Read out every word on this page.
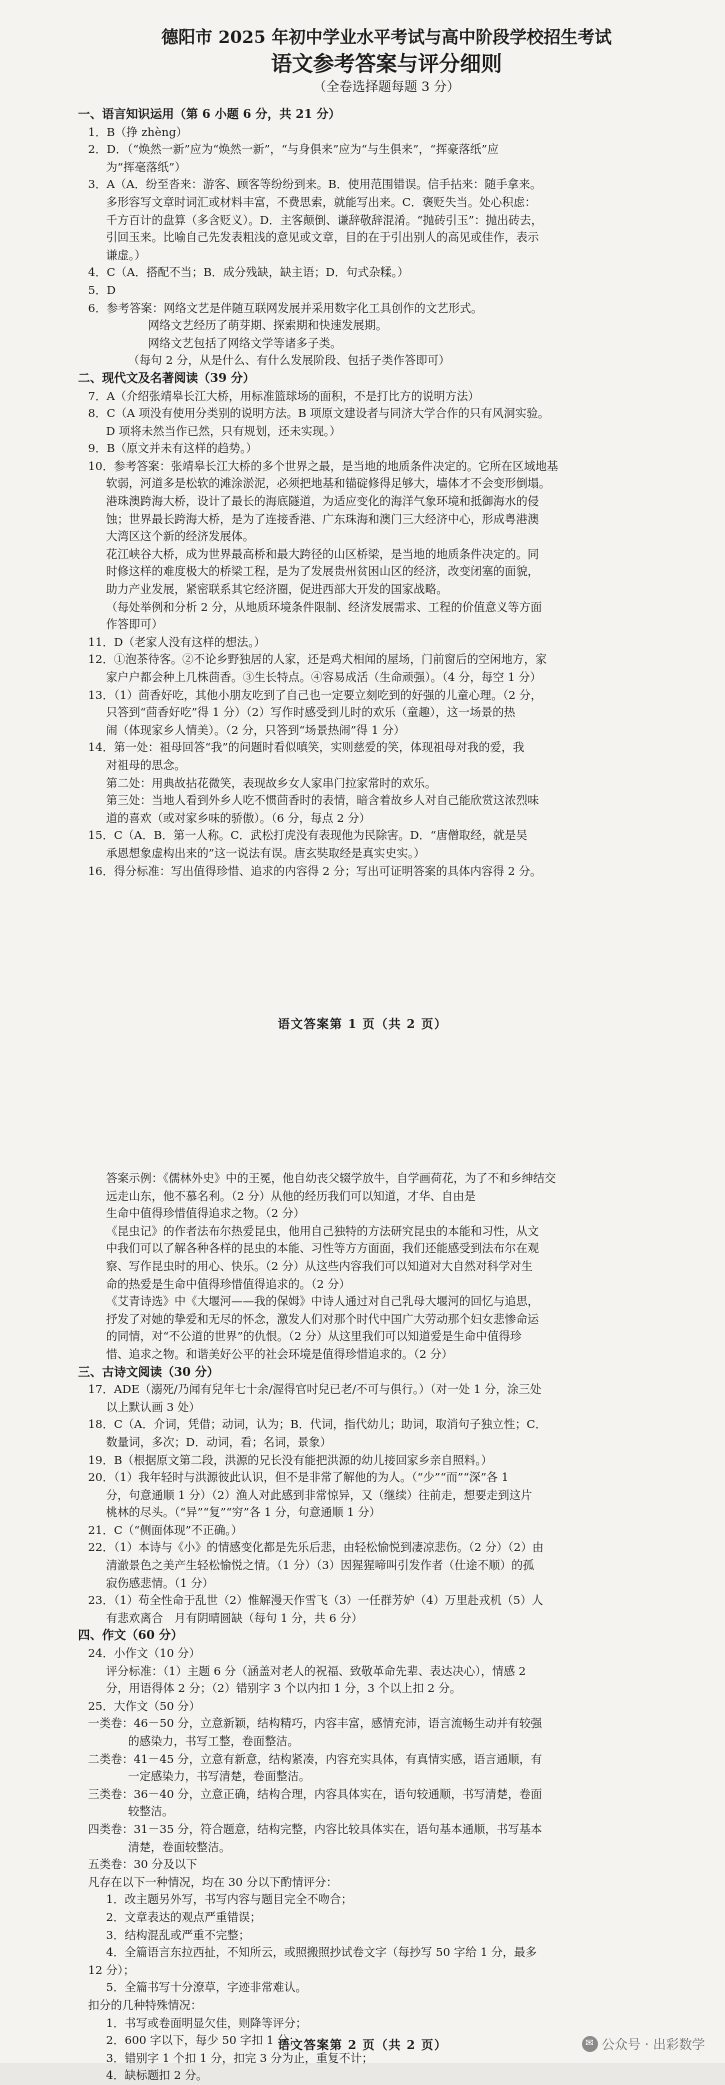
德阳市 2025 年初中学业水平考试与高中阶段学校招生考试

语文参考答案与评分细则

（全卷选择题每题 3 分）

一、语言知识运用（第 6 小题 6 分，共 21 分）

1．B（挣 zhèng）

2．D．（“焕然一新”应为“焕然一新”，“与身俱来”应为“与生俱来”，“挥豪落纸”应

为“挥毫落纸”）

3．A（A．纷至沓来：游客、顾客等纷纷到来。B．使用范围错误。信手拈来：随手拿来。

多形容写文章时词汇或材料丰富，不费思索，就能写出来。C．褒贬失当。处心积虑：

千方百计的盘算（多含贬义）。D．主客颠倒、谦辞敬辞混淆。“抛砖引玉”：抛出砖去，

引回玉来。比喻自己先发表粗浅的意见或文章，目的在于引出别人的高见或佳作，表示

谦虚。）

4．C（A．搭配不当；B．成分残缺，缺主语；D．句式杂糅。）

5．D

6．参考答案：网络文艺是伴随互联网发展并采用数字化工具创作的文艺形式。

网络文艺经历了萌芽期、探索期和快速发展期。

网络文艺包括了网络文学等诸多子类。

（每句 2 分，从是什么、有什么发展阶段、包括子类作答即可）

二、现代文及名著阅读（39 分）

7．A（介绍张靖皋长江大桥，用标准篮球场的面积，不是打比方的说明方法）

8．C（A 项没有使用分类别的说明方法。B 项原文建设者与同济大学合作的只有风洞实验。

D 项将未然当作已然，只有规划，还未实现。）

9．B（原文并未有这样的趋势。）

10．参考答案：张靖皋长江大桥的多个世界之最，是当地的地质条件决定的。它所在区域地基

软弱，河道多是松软的滩涂淤泥，必须把地基和锚碇修得足够大，墙体才不会变形倒塌。

港珠澳跨海大桥，设计了最长的海底隧道，为适应变化的海洋气象环境和抵御海水的侵

蚀；世界最长跨海大桥，是为了连接香港、广东珠海和澳门三大经济中心，形成粤港澳

大湾区这个新的经济发展体。

花江峡谷大桥，成为世界最高桥和最大跨径的山区桥梁，是当地的地质条件决定的。同

时修这样的难度极大的桥梁工程，是为了发展贵州贫困山区的经济，改变闭塞的面貌，

助力产业发展，紧密联系其它经济圈，促进西部大开发的国家战略。

（每处举例和分析 2 分，从地质环境条件限制、经济发展需求、工程的价值意义等方面

作答即可）

11．D（老家人没有这样的想法。）

12．①泡茶待客。②不论乡野独居的人家，还是鸡犬相闻的屋场，门前窗后的空闲地方，家

家户户都会种上几株茴香。③生长特点。④容易成活（生命顽强）。（4 分，每空 1 分）

13．（1）茴香好吃，其他小朋友吃到了自己也一定要立刻吃到的好强的儿童心理。（2 分，

只答到“茴香好吃”得 1 分）（2）写作时感受到儿时的欢乐（童趣），这一场景的热

闹（体现家乡人情美）。（2 分，只答到“场景热闹”得 1 分）

14．第一处：祖母回答“我”的问题时看似嗔笑，实则慈爱的笑，体现祖母对我的爱，我

对祖母的思念。

第二处：用典故拈花微笑，表现故乡女人家串门拉家常时的欢乐。

第三处：当地人看到外乡人吃不惯茴香时的表情，暗含着故乡人对自己能欣赏这浓烈味

道的喜欢（或对家乡味的骄傲）。（6 分，每点 2 分）

15．C（A．B．第一人称。C．武松打虎没有表现他为民除害。D．“唐僧取经，就是吴

承恩想象虚构出来的”这一说法有误。唐玄奘取经是真实史实。）

16．得分标准：写出值得珍惜、追求的内容得 2 分；写出可证明答案的具体内容得 2 分。

语文答案第 1 页（共 2 页）

答案示例：《儒林外史》中的王冕，他自幼丧父辍学放牛，自学画荷花，为了不和乡绅结交

远走山东，他不慕名利。（2 分）从他的经历我们可以知道，才华、自由是

生命中值得珍惜值得追求之物。（2 分）

《昆虫记》的作者法布尔热爱昆虫，他用自己独特的方法研究昆虫的本能和习性，从文

中我们可以了解各种各样的昆虫的本能、习性等方方面面，我们还能感受到法布尔在观

察、写作昆虫时的用心、快乐。（2 分）从这些内容我们可以知道对大自然对科学对生

命的热爱是生命中值得珍惜值得追求的。（2 分）

《艾青诗选》中《大堰河——我的保姆》中诗人通过对自己乳母大堰河的回忆与追思，

抒发了对她的挚爱和无尽的怀念，激发人们对那个时代中国广大劳动那个妇女悲惨命运

的同情，对“不公道的世界”的仇恨。（2 分）从这里我们可以知道爱是生命中值得珍

惜、追求之物。和谐美好公平的社会环境是值得珍惜追求的。（2 分）

三、古诗文阅读（30 分）

17．ADE（溺死/乃闻有兒年七十余/渥得官吋兒已老/不可与俱行。）（对一处 1 分，涂三处

以上默认画 3 处）

18．C（A．介词，凭借；动词，认为；B．代词，指代幼儿；助词，取消句子独立性；C．

数量词，多次；D．动词，看；名词，景象）

19．B（根据原文第二段，洪源的兄长没有能把洪源的幼儿接回家乡亲自照料。）

20．（1）我年轻时与洪源彼此认识，但不是非常了解他的为人。（“少”“而”“深”各 1

分，句意通顺 1 分）（2）渔人对此感到非常惊异，又（继续）往前走，想要走到这片

桃林的尽头。（“异”“复”“穷”各 1 分，句意通顺 1 分）

21．C（“侧面体现”不正确。）

22．（1）本诗与《小》的情感变化都是先乐后悲，由轻松愉悦到凄凉悲伤。（2 分）（2）由

清澈景色之美产生轻松愉悦之情。（1 分）（3）因猩猩啼叫引发作者（仕途不顺）的孤

寂伤感悲情。（1 分）

23．（1）苟全性命于乱世（2）惟解漫天作雪飞（3）一任群芳妒（4）万里赴戎机（5）人

有悲欢离合　月有阴晴圆缺（每句 1 分，共 6 分）

四、作文（60 分）

24．小作文（10 分）

评分标准：（1）主题 6 分（涵盖对老人的祝福、致敬革命先辈、表达决心），情感 2

分，用语得体 2 分；（2）错别字 3 个以内扣 1 分，3 个以上扣 2 分。

25．大作文（50 分）

一类卷：46－50 分，立意新颖，结构精巧，内容丰富，感情充沛，语言流畅生动并有较强

的感染力，书写工整，卷面整洁。

二类卷：41－45 分，立意有新意，结构紧凑，内容充实具体，有真情实感，语言通顺，有

一定感染力，书写清楚，卷面整洁。

三类卷：36－40 分，立意正确，结构合理，内容具体实在，语句较通顺，书写清楚，卷面

较整洁。

四类卷：31－35 分，符合题意，结构完整，内容比较具体实在，语句基本通顺，书写基本

清楚，卷面较整洁。

五类卷：30 分及以下

凡存在以下一种情况，均在 30 分以下酌情评分：

1．改主题另外写，书写内容与题目完全不吻合；

2．文章表达的观点严重错误；

3．结构混乱或严重不完整；

4．全篇语言东拉西扯，不知所云，或照搬照抄试卷文字（每抄写 50 字给 1 分，最多

12 分）；

5．全篇书写十分潦草，字迹非常难认。

扣分的几种特殊情况：

1．书写或卷面明显欠佳，则降等评分；

2．600 字以下，每少 50 字扣 1 分；

3．错别字 1 个扣 1 分，扣完 3 分为止，重复不计；

4．缺标题扣 2 分。

语文答案第 2 页（共 2 页）	✉ 公众号 · 出彩数学
